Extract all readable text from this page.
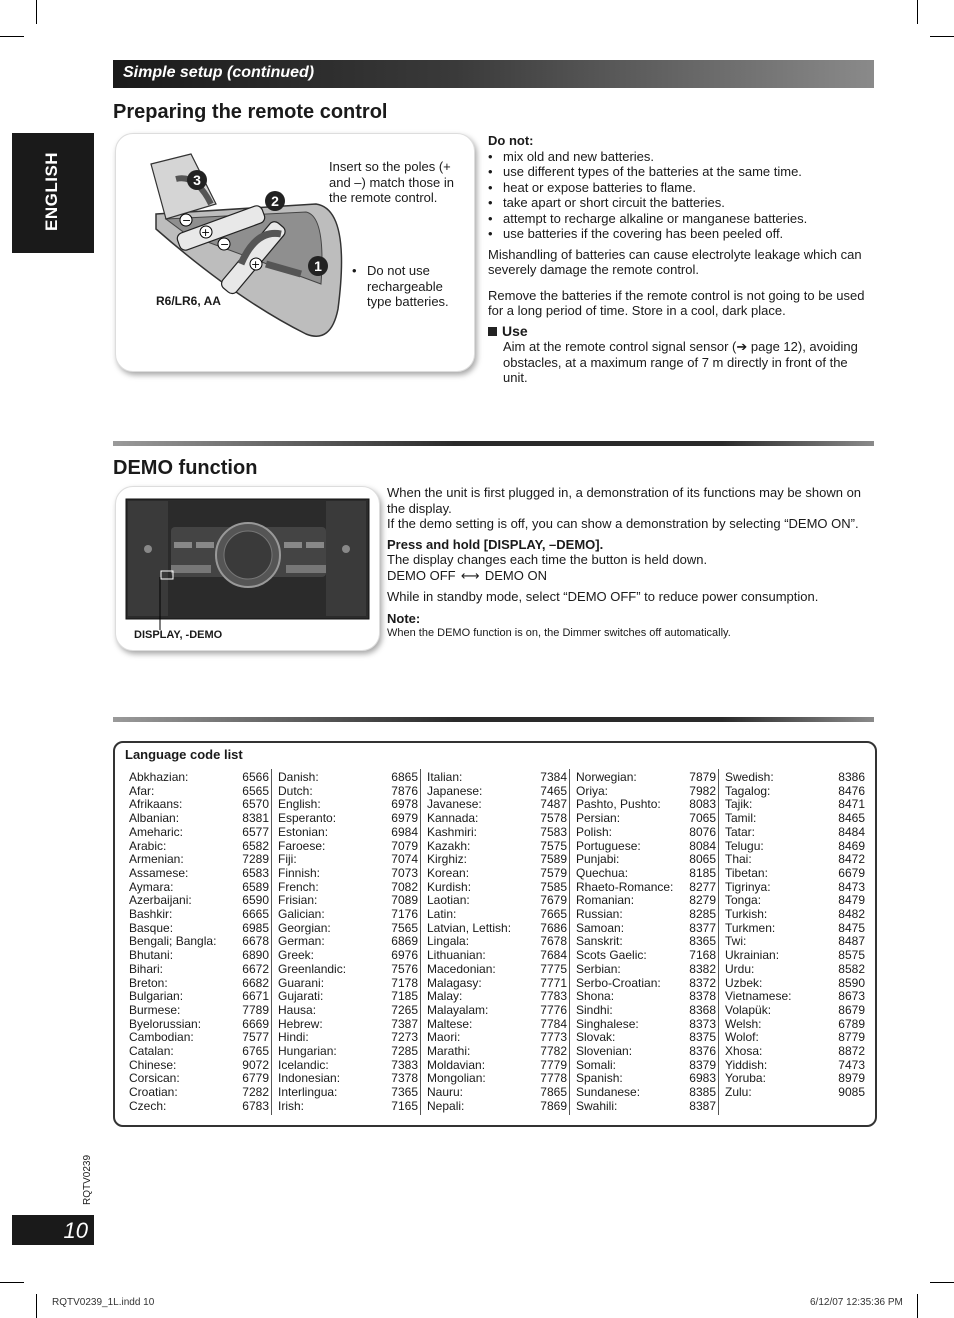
Simple setup (continued)
ENGLISH
Preparing the remote control
−
+
−
+	1
2
3
Insert so the poles (+ and –) match those in the remote control.
R6/LR6, AA
• Do not use rechargeable type batteries.
Do not:
• mix old and new batteries.
• use different types of the batteries at the same time.
• heat or expose batteries to flame.
• take apart or short circuit the batteries.
• attempt to recharge alkaline or manganese batteries.
• use batteries if the covering has been peeled off.
Mishandling of batteries can cause electrolyte leakage which can severely damage the remote control.
Remove the batteries if the remote control is not going to be used for a long period of time. Store in a cool, dark place.
Use
Aim at the remote control signal sensor (➔ page 12), avoiding obstacles, at a maximum range of 7 m directly in front of the unit.
DEMO function
DISPLAY, -DEMO
When the unit is first plugged in, a demonstration of its functions may be shown on the display.
If the demo setting is off, you can show a demonstration by selecting “DEMO ON”.
Press and hold [DISPLAY, –DEMO].
The display changes each time the button is held down.
DEMO OFF ⟷ DEMO ON
While in standby mode, select “DEMO OFF” to reduce power consumption.
Note:
When the DEMO function is on, the Dimmer switches off automatically.
Language code list
Abkhazian:	6566
Afar:	6565
Afrikaans:	6570
Albanian:	8381
Ameharic:	6577
Arabic:	6582
Armenian:	7289
Assamese:	6583
Aymara:	6589
Azerbaijani:	6590
Bashkir:	6665
Basque:	6985
Bengali; Bangla: 6678
Bhutani:	6890
Bihari:	6672
Breton:	6682
Bulgarian:	6671
Burmese:	7789
Byelorussian:	6669
Cambodian:	7577
Catalan:	6765
Chinese:	9072
Corsican:	6779
Croatian:	7282
Czech:	6783
Danish:	6865
Dutch:	7876
English:	6978
Esperanto:	6979
Estonian:	6984
Faroese:	7079
Fiji:	7074
Finnish:	7073
French:	7082
Frisian:	7089
Galician:	7176
Georgian:	7565
German:	6869
Greek:	6976
Greenlandic:	7576
Guarani:	7178
Gujarati:	7185
Hausa:	7265
Hebrew:	7387
Hindi:	7273
Hungarian:	7285
Icelandic:	7383
Indonesian:	7378
Interlingua:	7365
Irish:	7165
Italian:	7384
Japanese:	7465
Javanese:	7487
Kannada:	7578
Kashmiri:	7583
Kazakh:	7575
Kirghiz:	7589
Korean:	7579
Kurdish:	7585
Laotian:	7679
Latin:	7665
Latvian, Lettish: 7686
Lingala:	7678
Lithuanian:	7684
Macedonian:	7775
Malagasy:	7771
Malay:	7783
Malayalam:	7776
Maltese:	7784
Maori:	7773
Marathi:	7782
Moldavian:	7779
Mongolian:	7778
Nauru:	7865
Nepali:	7869
Norwegian:	7879
Oriya:	7982
Pashto, Pushto: 8083
Persian:	7065
Polish:	8076
Portuguese:	8084
Punjabi:	8065
Quechua:	8185
Rhaeto-Romance: 8277
Romanian:	8279
Russian:	8285
Samoan:	8377
Sanskrit:	8365
Scots Gaelic:	7168
Serbian:	8382
Serbo-Croatian: 8372
Shona:	8378
Sindhi:	8368
Singhalese:	8373
Slovak:	8375
Slovenian:	8376
Somali:	8379
Spanish:	6983
Sundanese:	8385
Swahili:	8387
Swedish:	8386
Tagalog:	8476
Tajik:	8471
Tamil:	8465
Tatar:	8484
Telugu:	8469
Thai:	8472
Tibetan:	6679
Tigrinya:	8473
Tonga:	8479
Turkish:	8482
Turkmen:	8475
Twi:	8487
Ukrainian:	8575
Urdu:	8582
Uzbek:	8590
Vietnamese:	8673
Volapük:	8679
Welsh:	6789
Wolof:	8779
Xhosa:	8872
Yiddish:	7473
Yoruba:	8979
Zulu:	9085
RQTV0239
10
RQTV0239_1L.indd 10	6/12/07 12:35:36 PM
